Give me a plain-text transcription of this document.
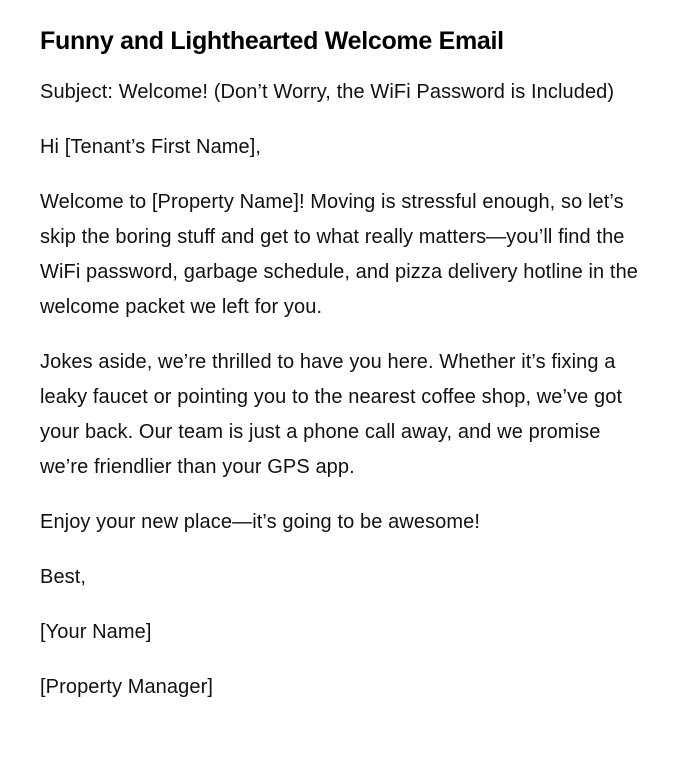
Funny and Lighthearted Welcome Email

Subject: Welcome! (Don’t Worry, the WiFi Password is Included)

Hi [Tenant’s First Name],

Welcome to [Property Name]! Moving is stressful enough, so let’s skip the boring stuff and get to what really matters—you’ll find the WiFi password, garbage schedule, and pizza delivery hotline in the welcome packet we left for you.

Jokes aside, we’re thrilled to have you here. Whether it’s fixing a leaky faucet or pointing you to the nearest coffee shop, we’ve got your back. Our team is just a phone call away, and we promise we’re friendlier than your GPS app.

Enjoy your new place—it’s going to be awesome!

Best,

[Your Name]

[Property Manager]
